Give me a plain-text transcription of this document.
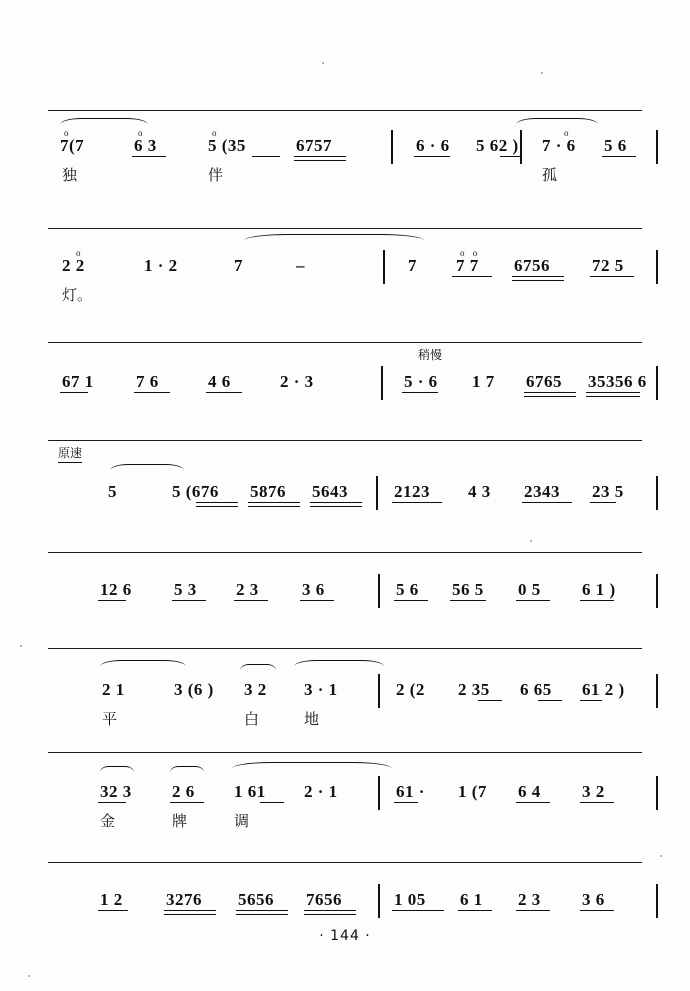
7(7
o
6 3
o
5 (35
o
6757	6 · 6 5 62 ) 7 · 6
o
5 6
独	伴	孤
2 2
o
1 · 2	7	–	7 7 7
o o
6756 72 5
灯。
稍慢
67 1 7 6	4 6	2 · 3	5 · 6 1 7 6765 35356 6
原速
5	5 (676 5876 5643	2123 4 3 2343 23 5
12 6 5 3 2 3	3 6	5 6 56 5 0 5 6 1 )
2 1	3 (6 ) 3 2 3 · 1	2 (2 2 35 6 65 61 2 )
平	白	地
32 3 2 6 1 61 2 · 1	61 · 1 (7 6 4 3 2
金	牌	调
1 2	3276 5656 7656	1 05 6 1 2 3 3 6
· 144 ·
